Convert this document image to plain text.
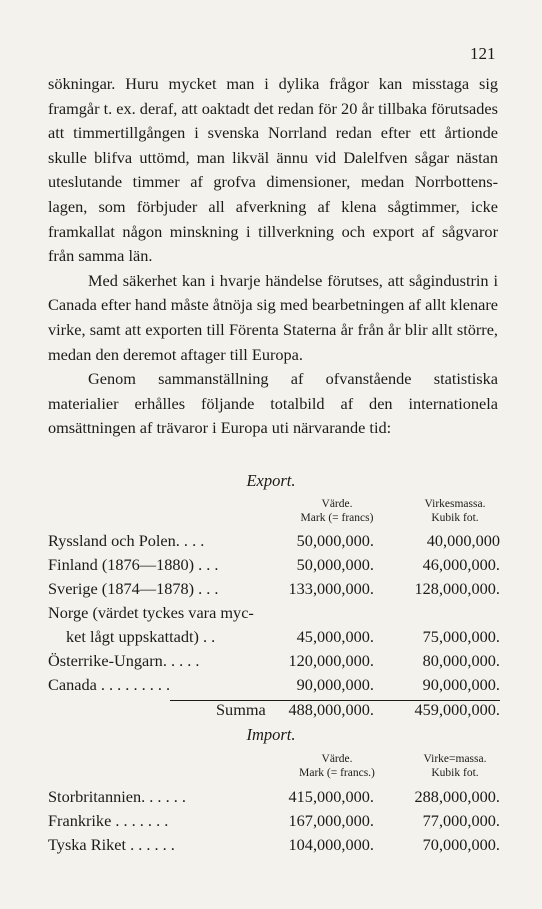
121

sökningar. Huru mycket man i dylika frågor kan misstaga sig framgår t. ex. deraf, att oaktadt det redan för 20 år tillbaka förutsades att timmertillgången i svenska Norrland redan efter ett årtionde skulle blifva uttömd, man likväl ännu vid Dalelfven sågar nästan uteslutande timmer af grofva dimensioner, medan Norrbottens-lagen, som förbjuder all afverkning af klena sågtimmer, icke framkallat någon minskning i tillverkning och export af sågvaror från samma län.

Med säkerhet kan i hvarje händelse förutses, att sågindustrin i Canada efter hand måste åtnöja sig med bearbetningen af allt klenare virke, samt att exporten till Förenta Staterna år från år blir allt större, medan den deremot aftager till Europa.

Genom sammanställning af ofvanstående statistiska materialier erhålles följande totalbild af den internationela omsättningen af trävaror i Europa uti närvarande tid:

Export.
Värde.
Mark (= francs)
Virkesmassa.
Kubik fot.
Ryssland och Polen. . . .	50,000,000.	40,000,000
Finland (1876—1880) . . .	50,000,000.	46,000,000.
Sverige (1874—1878) . . .	133,000,000. 128,000,000.
Norge (värdet tyckes vara myc-
ket lågt uppskattadt) . .	45,000,000.	75,000,000.
Österrike-Ungarn. . . . .	120,000,000.	80,000,000.
Canada . . . . . . . . .	90,000,000.	90,000,000.
Summa 488,000,000. 459,000,000.
Import.
Värde.
Mark (= francs.)
Virke=massa.
Kubik fot.
Storbritannien. . . . . .	415,000,000. 288,000,000.
Frankrike . . . . . . .	167,000,000.	77,000,000.
Tyska Riket . . . . . .	104,000,000.	70,000,000.
